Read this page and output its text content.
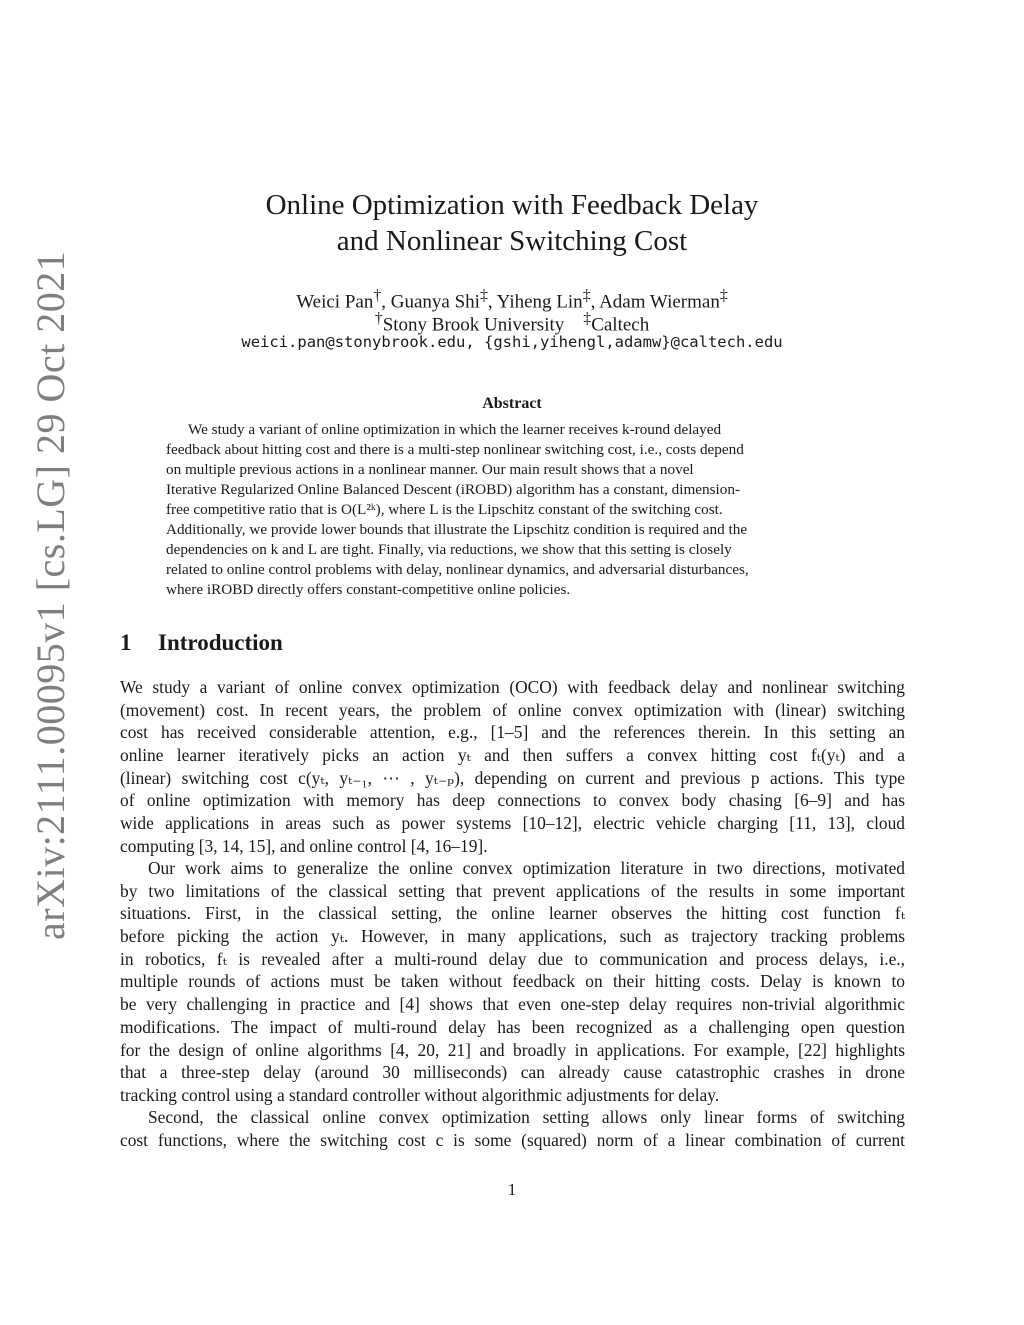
arXiv:2111.00095v1 [cs.LG] 29 Oct 2021
Online Optimization with Feedback Delay
and Nonlinear Switching Cost
Weici Pan†, Guanya Shi‡, Yiheng Lin‡, Adam Wierman‡
†Stony Brook University ‡Caltech
weici.pan@stonybrook.edu, {gshi,yihengl,adamw}@caltech.edu
Abstract
We study a variant of online optimization in which the learner receives k-round delayed
feedback about hitting cost and there is a multi-step nonlinear switching cost, i.e., costs depend
on multiple previous actions in a nonlinear manner. Our main result shows that a novel
Iterative Regularized Online Balanced Descent (iROBD) algorithm has a constant, dimension-
free competitive ratio that is O(L²ᵏ), where L is the Lipschitz constant of the switching cost.
Additionally, we provide lower bounds that illustrate the Lipschitz condition is required and the
dependencies on k and L are tight. Finally, via reductions, we show that this setting is closely
related to online control problems with delay, nonlinear dynamics, and adversarial disturbances,
where iROBD directly offers constant-competitive online policies.
1 Introduction
We study a variant of online convex optimization (OCO) with feedback delay and nonlinear switching
(movement) cost. In recent years, the problem of online convex optimization with (linear) switching
cost has received considerable attention, e.g., [1–5] and the references therein. In this setting an
online learner iteratively picks an action yₜ and then suffers a convex hitting cost fₜ(yₜ) and a
(linear) switching cost c(yₜ, yₜ₋₁, ⋯ , yₜ₋ₚ), depending on current and previous p actions. This type
of online optimization with memory has deep connections to convex body chasing [6–9] and has
wide applications in areas such as power systems [10–12], electric vehicle charging [11, 13], cloud
computing [3, 14, 15], and online control [4, 16–19].
Our work aims to generalize the online convex optimization literature in two directions, motivated
by two limitations of the classical setting that prevent applications of the results in some important
situations. First, in the classical setting, the online learner observes the hitting cost function fₜ
before picking the action yₜ. However, in many applications, such as trajectory tracking problems
in robotics, fₜ is revealed after a multi-round delay due to communication and process delays, i.e.,
multiple rounds of actions must be taken without feedback on their hitting costs. Delay is known to
be very challenging in practice and [4] shows that even one-step delay requires non-trivial algorithmic
modifications. The impact of multi-round delay has been recognized as a challenging open question
for the design of online algorithms [4, 20, 21] and broadly in applications. For example, [22] highlights
that a three-step delay (around 30 milliseconds) can already cause catastrophic crashes in drone
tracking control using a standard controller without algorithmic adjustments for delay.
Second, the classical online convex optimization setting allows only linear forms of switching
cost functions, where the switching cost c is some (squared) norm of a linear combination of current
1
